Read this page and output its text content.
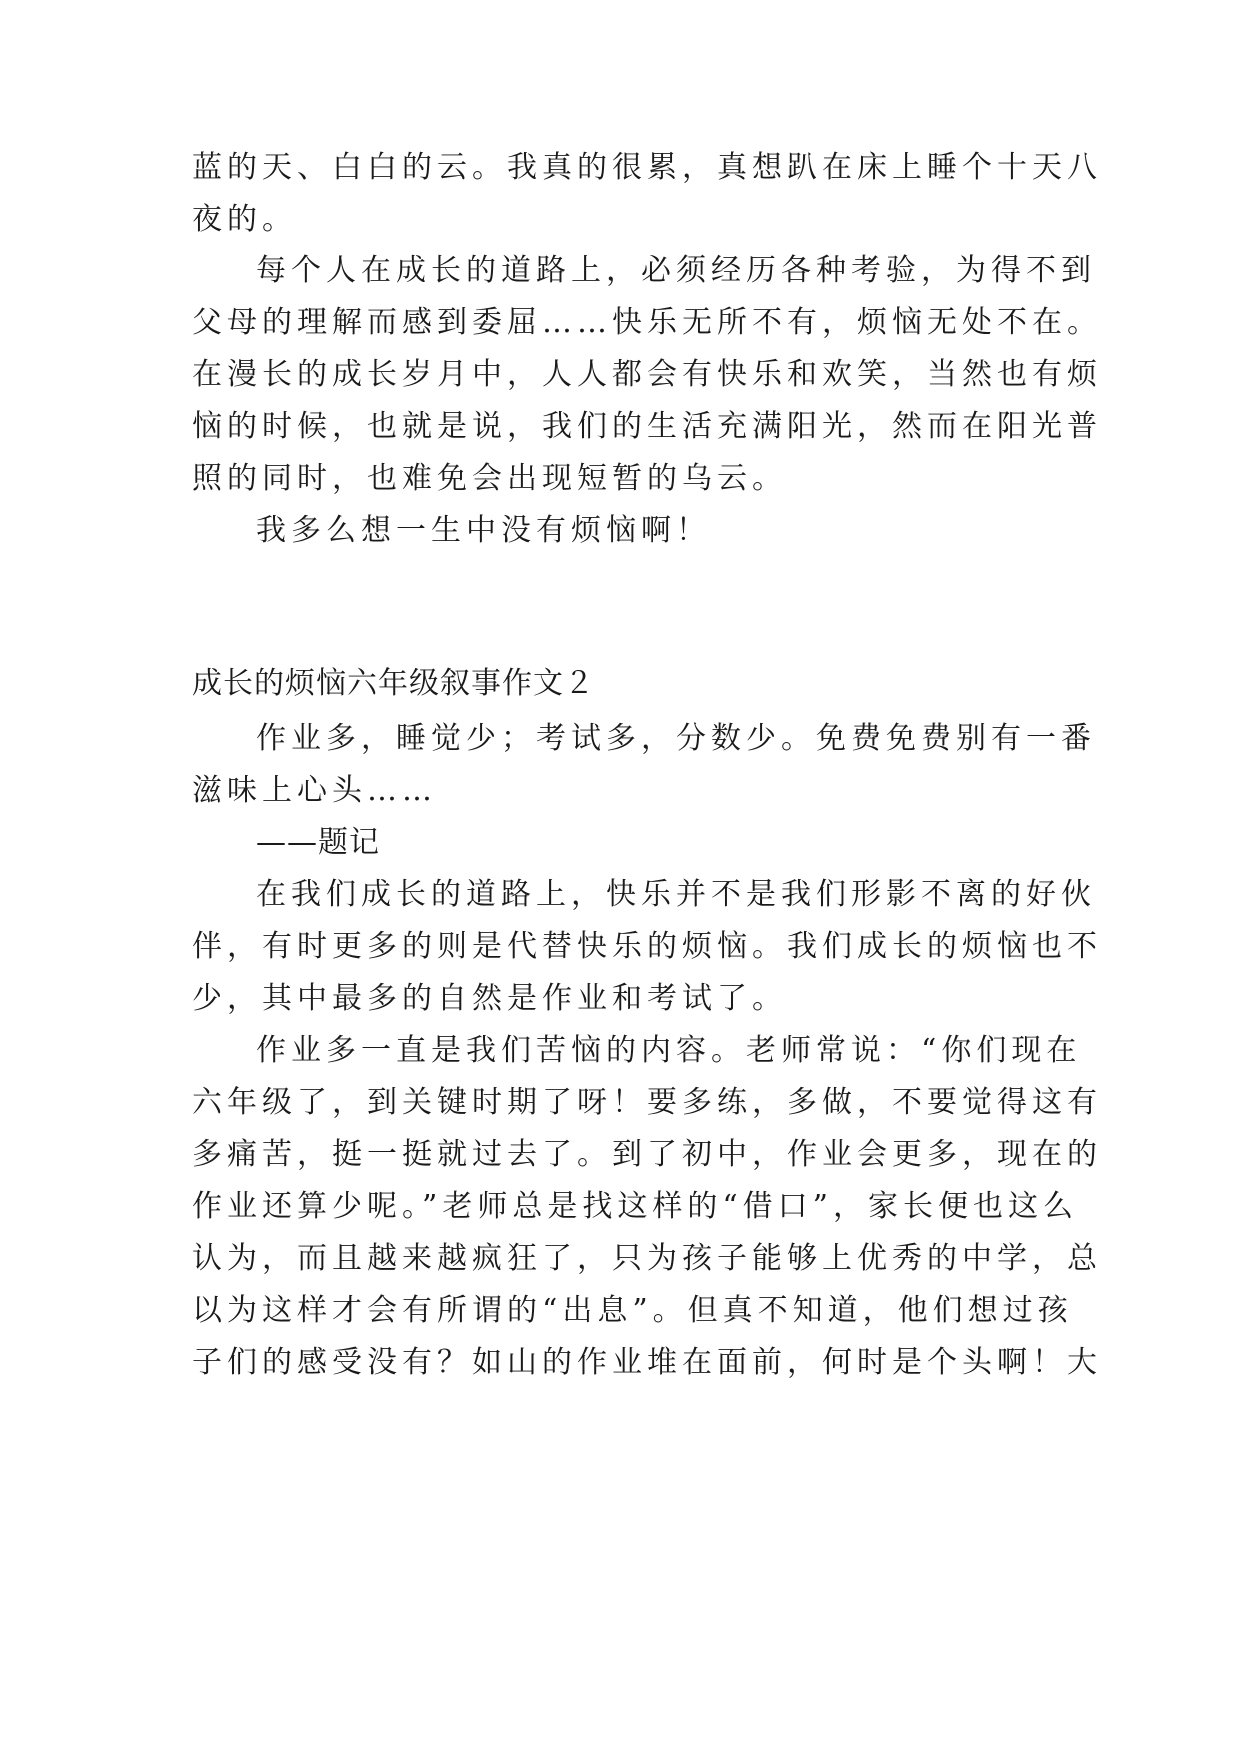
蓝的天、白白的云。我真的很累，真想趴在床上睡个十天八
夜的。
每个人在成长的道路上，必须经历各种考验，为得不到
父母的理解而感到委屈……快乐无所不有，烦恼无处不在。
在漫长的成长岁月中，人人都会有快乐和欢笑，当然也有烦
恼的时候，也就是说，我们的生活充满阳光，然而在阳光普
照的同时，也难免会出现短暂的乌云。
我多么想一生中没有烦恼啊！
成长的烦恼六年级叙事作文２
作业多，睡觉少；考试多，分数少。免费免费别有一番
滋味上心头……
——题记
在我们成长的道路上，快乐并不是我们形影不离的好伙
伴，有时更多的则是代替快乐的烦恼。我们成长的烦恼也不
少，其中最多的自然是作业和考试了。
作业多一直是我们苦恼的内容。老师常说：“你们现在
六年级了，到关键时期了呀！要多练，多做，不要觉得这有
多痛苦，挺一挺就过去了。到了初中，作业会更多，现在的
作业还算少呢。”老师总是找这样的“借口”，家长便也这么
认为，而且越来越疯狂了，只为孩子能够上优秀的中学，总
以为这样才会有所谓的“出息”。但真不知道，他们想过孩
子们的感受没有？如山的作业堆在面前，何时是个头啊！大
